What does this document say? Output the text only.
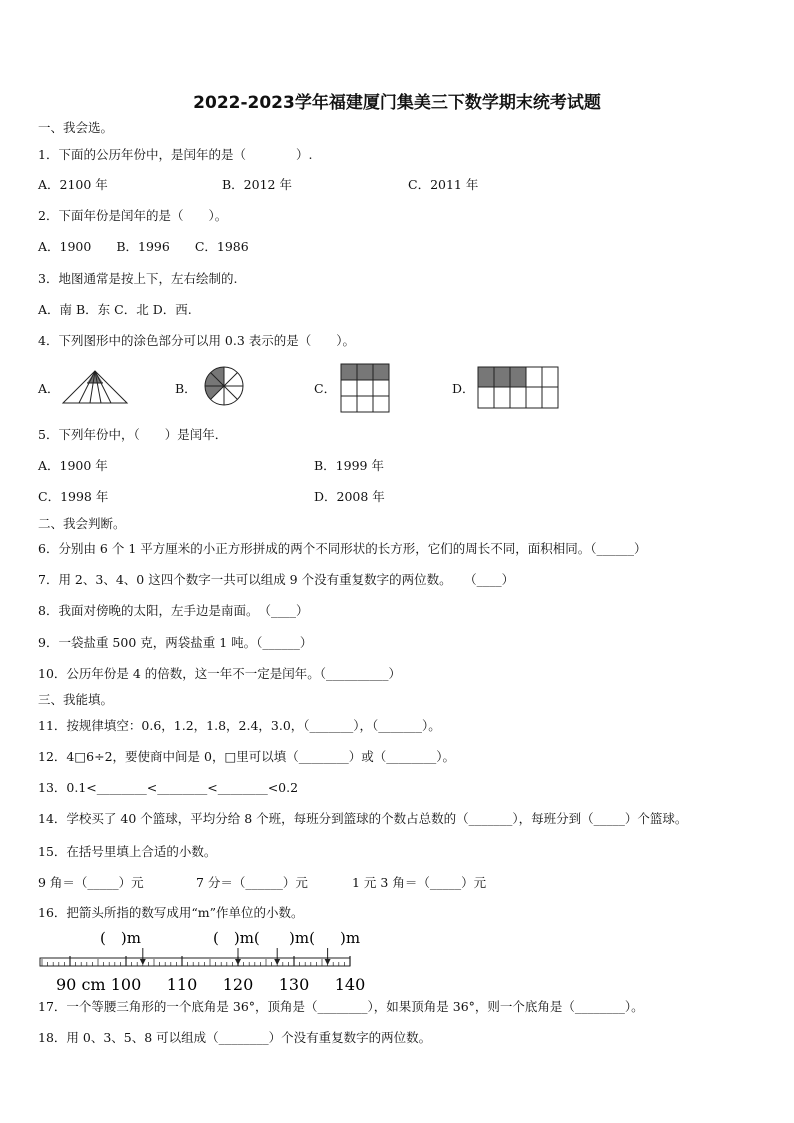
2022-2023学年福建厦门集美三下数学期末统考试题
一、我会选。
1．下面的公历年份中，是闰年的是（　　　　）.
A．2100 年	B．2012 年	C．2011 年
2．下面年份是闰年的是（　　）。
A．1900　　B．1996　　C．1986
3．地图通常是按上下，左右绘制的.
A．南 B．东 C．北 D．西.
4．下列图形中的涂色部分可以用 0.3 表示的是（　　）。
A．	B．	C．	D．
5．下列年份中，（　　）是闰年．
A．1900 年	B．1999 年
C．1998 年	D．2008 年
二、我会判断。
6．分别由 6 个 1 平方厘米的小正方形拼成的两个不同形状的长方形，它们的周长不同，面积相同。（______）
7．用 2、3、4、0 这四个数字一共可以组成 9 个没有重复数字的两位数。　　（____）
8．我面对傍晚的太阳，左手边是南面。　（____）
9．一袋盐重 500 克，两袋盐重 1 吨。（______）
10．公历年份是 4 的倍数，这一年不一定是闰年。（__________）
三、我能填。
11．按规律填空：0.6，1.2，1.8，2.4，3.0，（_______），（_______）。
12．4□6÷2，要使商中间是 0，□里可以填（________）或（________）。
13．0.1<________<________<________<0.2
14．学校买了 40 个篮球，平均分给 8 个班，每班分到篮球的个数占总数的（_______），每班分到（_____）个篮球。
15．在括号里填上合适的小数。
9 角＝（_____）元	7 分＝（______）元	1 元 3 角＝（_____）元
16．把箭头所指的数写成用“m”作单位的小数。
(　)m	(　)m( )m( )m
90 cm 100 110 120 130 140
17．一个等腰三角形的一个底角是 36°，顶角是（________），如果顶角是 36°，则一个底角是（________）。
18．用 0、3、5、8 可以组成（________）个没有重复数字的两位数。
